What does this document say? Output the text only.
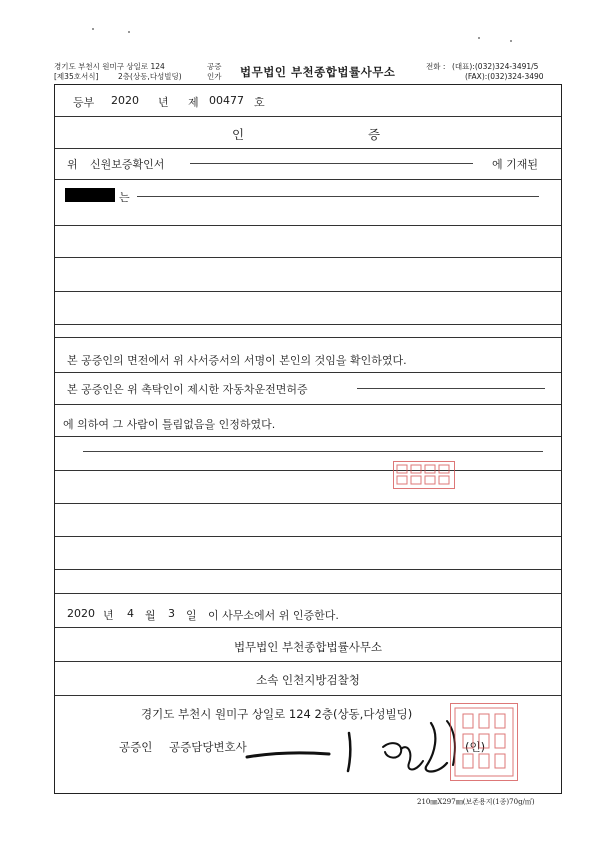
경기도 부천시 원미구 상일로 124
[제35호서식]	2층(상동,다성빌딩)
공증
인가 법무법인 부천종합법률사무소	전화 : (대표):(032)324-3491/5
(FAX):(032)324-3490
등부 2020 년 제 00477 호
인	증
위 신원보증확인서	에 기재된
는
본 공증인의 면전에서 위 사서증서의 서명이 본인의 것임을 확인하였다.
본 공증인은 위 촉탁인이 제시한 자동차운전면허증
에 의하여 그 사람이 틀림없음을 인정하였다.
2020 년 4 월 3 일 이 사무소에서 위 인증한다.
법무법인 부천종합법률사무소
소속 인천지방검찰청
경기도 부천시 원미구 상일로 124 2층(상동,다성빌딩)
공증인 공증담당변호사	(인)
210㎜X297㎜(보존용지(1종)70g/㎡)
